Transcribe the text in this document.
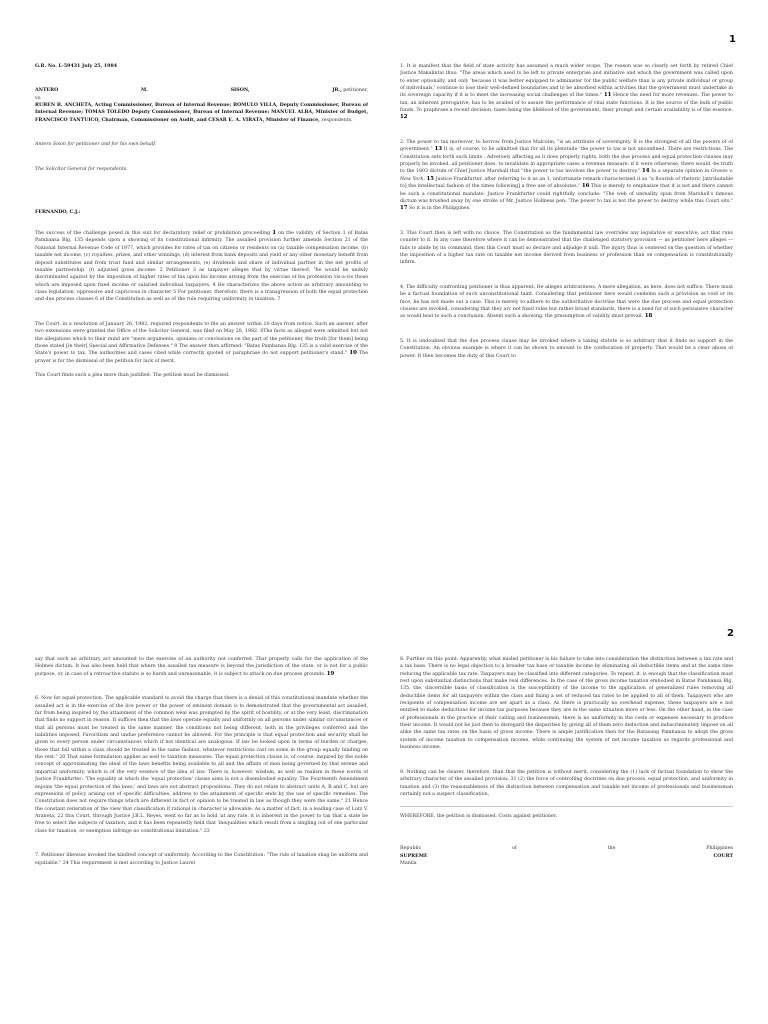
1

G.R. No. L-59431 July 25, 1984

ANTERO	M.	SISON,	JR., petitioner,

vs.

RUBEN B. ANCHETA, Acting Commissioner, Bureau of Internal Revenue; ROMULO VILLA, Deputy Commissioner, Bureau of Internal Revenue; TOMAS TOLEDO Deputy Commissioner, Bureau of Internal Revenue; MANUEL ALBA, Minister of Budget, FRANCISCO TANTUICO, Chairman, Commissioner on Audit, and CESAR E. A. VIRATA, Minister of Finance, respondents.

Antero Sison for petitioner and for his own behalf.

The Solicitor General for respondents.

FERNANDO, C.J.:

The success of the challenge posed in this suit for declaratory relief or prohibition proceeding 1 on the validity of Section 1 of Batas Pambansa Blg. 135 depends upon a showing of its constitutional infirmity. The assailed provision further amends Section 21 of the National Internal Revenue Code of 1977, which provides for rates of tax on citizens or residents on (a) taxable compensation income, (b) taxable net income, (c) royalties, prizes, and other winnings, (d) interest from bank deposits and yield or any other monetary benefit from deposit substitutes and from trust fund and similar arrangements, (e) dividends and share of individual partner in the net profits of taxable partnership, (f) adjusted gross income. 2 Petitioner 3 as taxpayer alleges that by virtue thereof, "he would be unduly discriminated against by the imposition of higher rates of tax upon his income arising from the exercise of his profession vis-a-vis those which are imposed upon fixed income or salaried individual taxpayers. 4 He characterizes the above action as arbitrary amounting to class legislation, oppressive and capricious in character 5 For petitioner, therefore, there is a transgression of both the equal protection and due process clauses 6 of the Constitution as well as of the rule requiring uniformity in taxation. 7

The Court, in a resolution of January 26, 1982, required respondents to file an answer within 10 days from notice. Such an answer, after two extensions were granted the Office of the Solicitor General, was filed on May 28, 1982. 8The facts as alleged were admitted but not the allegations which to their mind are "mere arguments, opinions or conclusions on the part of the petitioner, the truth [for them] being those stated [in their] Special and Affirmative Defenses." 9 The answer then affirmed: "Batas Pambansa Blg. 135 is a valid exercise of the State's power to tax. The authorities and cases cited while correctly quoted or paraphrase do not support petitioner's stand." 10 The prayer is for the dismissal of the petition for lack of merit.

This Court finds such a plea more than justified. The petition must be dismissed.

1. It is manifest that the field of state activity has assumed a much wider scope, The reason was so clearly set forth by retired Chief Justice Makalintal thus: "The areas which used to be left to private enterprise and initiative and which the government was called upon to enter optionally, and only 'because it was better equipped to administer for the public welfare than is any private individual or group of individuals,' continue to lose their well-defined boundaries and to be absorbed within activities that the government must undertake in its sovereign capacity if it is to meet the increasing social challenges of the times." 11 Hence the need for more revenues. The power to tax, an inherent prerogative, has to be availed of to assure the performance of vital state functions. It is the source of the bulk of public funds. To praphrase a recent decision, taxes being the lifeblood of the government, their prompt and certain availability is of the essence. 12

2. The power to tax moreover, to borrow from Justice Malcolm, "is an attribute of sovereignty. It is the strongest of all the powers of of government." 13 It is, of course, to be admitted that for all its plenitude 'the power to tax is not unconfined. There are restrictions. The Constitution sets forth such limits . Adversely affecting as it does properly rights, both the due process and equal protection clauses inay properly be invoked, all petitioner does, to invalidate in appropriate cases a revenue measure. if it were otherwise, there would -be truth to the 1803 dictum of Chief Justice Marshall that "the power to tax involves the power to destroy." 14 In a separate opinion in Graves v. New York, 15 Justice Frankfurter, after referring to it as an 1, unfortunate remark characterized it as "a flourish of rhetoric [attributable to] the intellectual fashion of the times following] a free use of absolutes." 16 This is merely to emphasize that it is not and there cannot be such a constitutional mandate. Justice Frankfurter could rightfully conclude: "The web of unreality spun from Marshall's famous dictum was brushed away by one stroke of Mr. Justice Holmess pen: 'The power to tax is not the power to destroy while this Court sits." 17 So it is in the Philippines.

3. This Court then is left with no choice. The Constitution as the fundamental law overrides any legislative or executive, act that runs counter to it. In any case therefore where it can be demonstrated that the challenged statutory provision — as petitioner here alleges — fails to abide by its command, then this Court must so declare and adjudge it null. The injury thus is centered on the question of whether the imposition of a higher tax rate on taxable net income derived from business or profession than on compensation is constitutionally infirm.

4, The difficulty confronting petitioner is thus apparent. He alleges arbitrariness. A mere allegation, as here. does not suffice. There must be a factual foundation of such unconstitutional taint. Considering that petitioner here would condemn such a provision as void or its face, he has not made out a case. This is merely to adhere to the authoritative doctrine that were the due process and equal protection clauses are invoked, considering that they arc not fixed rules but rather broad standards, there is a need for of such persuasive character as would lead to such a conclusion. Absent such a showing, the presumption of validity must prevail. 18

5. It is undoubted that the due process clause may be invoked where a taxing statute is so arbitrary that it finds no support in the Constitution. An obvious example is where it can be shown to amount to the confiscation of property. That would be a clear abuse of power. It then becomes the duty of this Court to

2

say that such an arbitrary act amounted to the exercise of an authority not conferred. That properly calls for the application of the Holmes dictum. It has also been held that where the assailed tax measure is beyond the jurisdiction of the state, or is not for a public purpose, or, in case of a retroactive statute is so harsh and unreasonable, it is subject to attack on due process grounds. 19

6. Now for equal protection. The applicable standard to avoid the charge that there is a denial of this constitutional mandate whether the assailed act is in the exercise of the lice power or the power of eminent domain is to demonstrated that the governmental act assailed, far from being inspired by the attainment of the common weal was prompted by the spirit of hostility, or at the very least, discrimination that finds no support in reason. It suffices then that the laws operate equally and uniformly on all persons under similar circumstances or that all persons must be treated in the same manner, the conditions not being different, both in the privileges conferred and the liabilities imposed. Favoritism and undue preference cannot be allowed. For the principle is that equal protection and security shall be given to every person under circumstances which if not identical are analogous. If law be looked upon in terms of burden or charges, those that fall within a class should be treated in the same fashion, whatever restrictions cast on some in the group equally binding on the rest." 20 That same formulation applies as well to taxation measures. The equal protection clause is, of course, inspired by the noble concept of approximating the ideal of the laws benefits being available to all and the affairs of men being governed by that serene and impartial uniformity, which is of the very essence of the idea of law. There is, however, wisdom, as well as realism in these words of Justice Frankfurter: 'The equality at which the 'equal protection' clause aims is not a disembodied equality. The Fourteenth Amendment enjoins 'the equal protection of the laws,' and laws are not abstract propositions. They do not relate to abstract units A, B and C, but are expressions of policy arising out of specific difficulties, address to the attainment of specific ends by the use of specific remedies. The Constitution does not require things which are different in fact or opinion to be treated in law as though they were the same." 21 Hence the constant reiteration of the view that classification if rational in character is allowable. As a matter of fact, in a leading case of Lutz V. Araneta, 22 this Court, through Justice J.B.L. Reyes, went so far as to hold 'at any rate, it is inherent in the power to tax that a state be free to select the subjects of taxation, and it has been repeatedly held that 'inequalities which result from a singling out of one particular class for taxation, or exemption infringe no constitutional limitation." 23

7. Petitioner likewise invoked the kindred concept of uniformity. According to the Constitution: "The rule of taxation shag be uniform and equitable." 24 This requirement is met according to Justice Laurel

8. Further on this point. Apparently, what misled petitioner is his failure to take into consideration the distinction between a tax rate and a tax base. There is no legal objection to a broader tax base or taxable income by eliminating all deductible items and at the same time reducing the applicable tax rate. Taxpayers may be classified into different categories. To repeat, it. is enough that the classification must rest upon substantial distinctions that make real differences. In the case of the gross income taxation embodied in Batas Pambansa Blg. 135, the, discernible basis of classification is the susceptibility of the income to the application of generalized rules removing all deductible items for all taxpayers within the class and fixing a set of reduced tax rates to be applied to all of them. Taxpayers who are recipients of compensation income are set apart as a class. As there is practically no overhead expense, these taxpayers are e not entitled to make deductions for income tax purposes because they are in the same situation more or less. On the other hand, in the case of professionals in the practice of their calling and businessmen, there is no uniformity in the costs or expenses necessary to produce their income. It would not be just then to disregard the disparities by giving all of them zero deduction and indiscriminately impose on all alike the same tax rates on the basis of gross income. There is ample justification then for the Batasang Pambansa to adopt the gross system of income taxation to compensation income, while continuing the system of net income taxation as regards professional and business income.

9. Nothing can be clearer, therefore, than that the petition is without merit, considering the (1) lack of factual foundation to show the arbitrary character of the assailed provision; 31 (2) the force of controlling doctrines on due process, equal protection, and uniformity in taxation and (3) the reasonableness of the distinction between compensation and taxable net income of professionals and businessman certainly not a suspect classification,

WHEREFORE, the petition is dismissed. Costs against petitioner.

Republic	of	the	Philippines
SUPREME	COURT
Manila
